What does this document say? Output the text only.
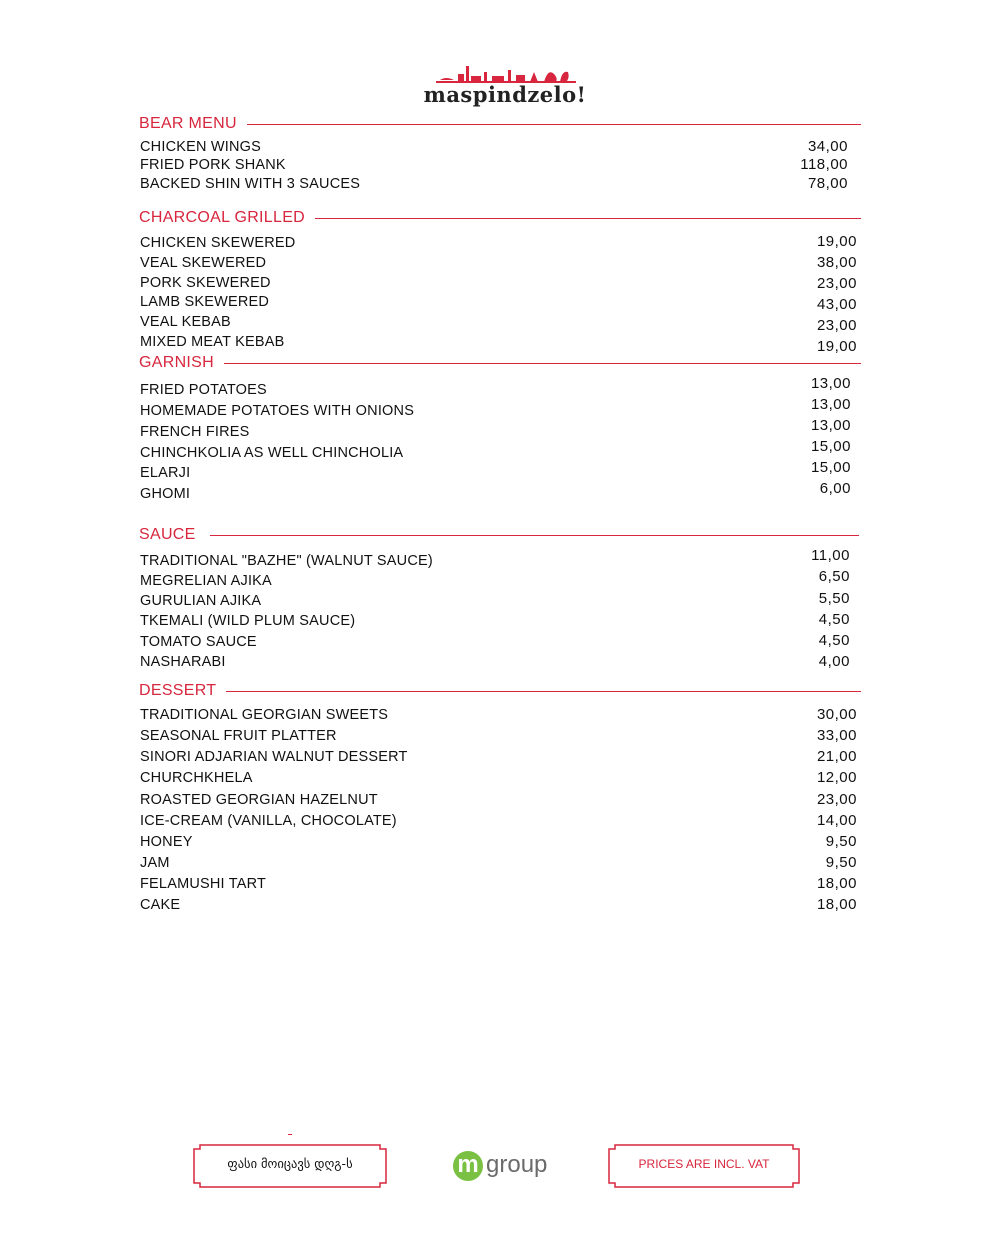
maspindzelo!
BEAR MENU
CHICKEN WINGS	34,00
FRIED PORK SHANK	118,00
BACKED SHIN WITH 3 SAUCES	78,00
CHARCOAL GRILLED
CHICKEN SKEWERED	19,00
VEAL SKEWERED	38,00
PORK SKEWERED	23,00
LAMB SKEWERED	43,00
VEAL KEBAB	23,00
MIXED MEAT KEBAB	19,00
GARNISH
FRIED POTATOES	13,00
HOMEMADE POTATOES WITH ONIONS	13,00
FRENCH FIRES	13,00
CHINCHKOLIA AS WELL CHINCHOLIA	15,00
ELARJI	15,00
GHOMI	6,00
SAUCE
TRADITIONAL "BAZHE" (WALNUT SAUCE)	11,00
MEGRELIAN AJIKA	6,50
GURULIAN AJIKA	5,50
TKEMALI (WILD PLUM SAUCE)	4,50
TOMATO SAUCE	4,50
NASHARABI	4,00
DESSERT
TRADITIONAL GEORGIAN SWEETS	30,00
SEASONAL FRUIT PLATTER	33,00
SINORI ADJARIAN WALNUT DESSERT	21,00
CHURCHKHELA	12,00
ROASTED GEORGIAN HAZELNUT	23,00
ICE-CREAM (VANILLA, CHOCOLATE)	14,00
HONEY	9,50
JAM	9,50
FELAMUSHI TART	18,00
CAKE	18,00
ფასი მოიცავს დღგ-ს	m group	PRICES ARE INCL. VAT
